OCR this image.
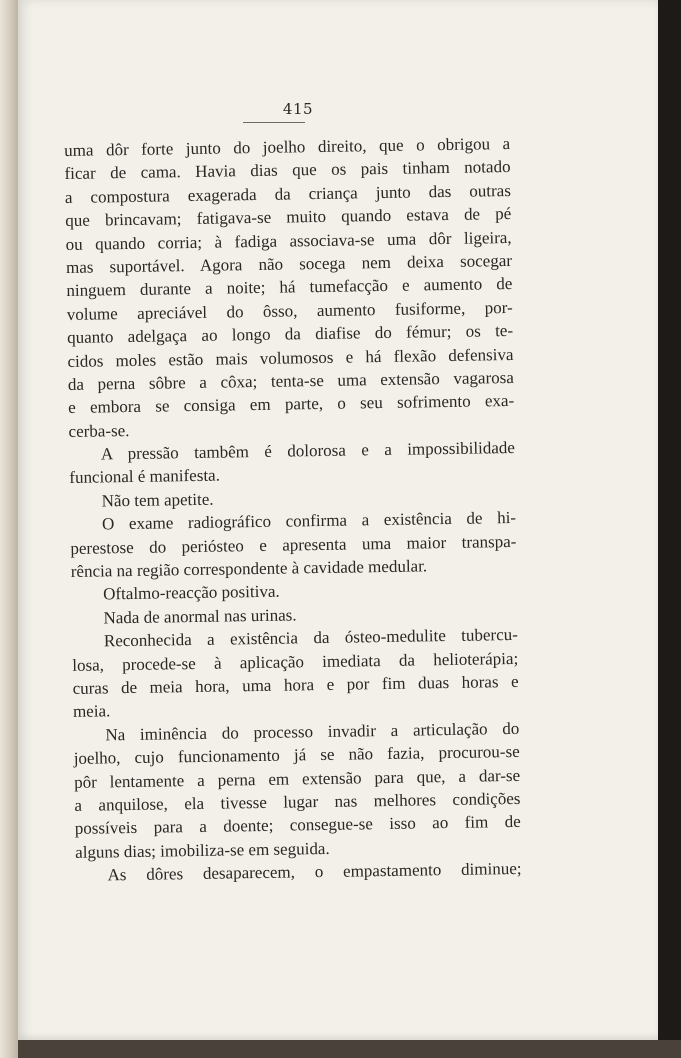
415
uma dôr forte junto do joelho direito, que o obrigou a
ficar de cama. Havia dias que os pais tinham notado
a compostura exagerada da criança junto das outras
que brincavam; fatigava-se muito quando estava de pé
ou quando corria; à fadiga associava-se uma dôr ligeira,
mas suportável. Agora não socega nem deixa socegar
ninguem durante a noite; há tumefacção e aumento de
volume apreciável do ôsso, aumento fusiforme, por-
quanto adelgaça ao longo da diafise do fémur; os te-
cidos moles estão mais volumosos e há flexão defensiva
da perna sôbre a côxa; tenta-se uma extensão vagarosa
e embora se consiga em parte, o seu sofrimento exa-
cerba-se.
A pressão tambêm é dolorosa e a impossibilidade
funcional é manifesta.
Não tem apetite.
O exame radiográfico confirma a existência de hi-
perestose do periósteo e apresenta uma maior transpa-
rência na região correspondente à cavidade medular.
Oftalmo-reacção positiva.
Nada de anormal nas urinas.
Reconhecida a existência da ósteo-medulite tubercu-
losa, procede-se à aplicação imediata da helioterápia;
curas de meia hora, uma hora e por fim duas horas e
meia.
Na iminência do processo invadir a articulação do
joelho, cujo funcionamento já se não fazia, procurou-se
pôr lentamente a perna em extensão para que, a dar-se
a anquilose, ela tivesse lugar nas melhores condições
possíveis para a doente; consegue-se isso ao fim de
alguns dias; imobiliza-se em seguida.
As dôres desaparecem, o empastamento diminue;
